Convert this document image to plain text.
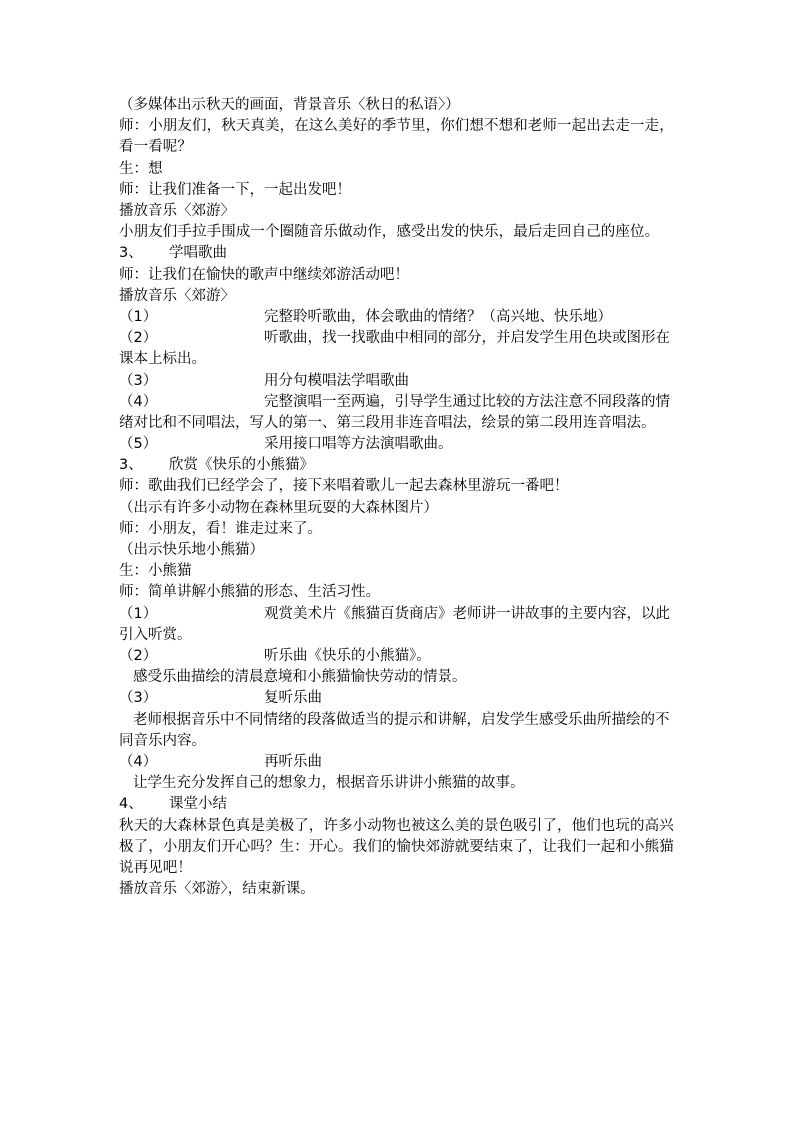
（多媒体出示秋天的画面，背景音乐〈秋日的私语〉）
师：小朋友们，秋天真美，在这么美好的季节里，你们想不想和老师一起出去走一走，看一看呢？
生：想
师：让我们准备一下，一起出发吧！
播放音乐〈郊游〉
小朋友们手拉手围成一个圈随音乐做动作，感受出发的快乐，最后走回自己的座位。
3、 学唱歌曲
师：让我们在愉快的歌声中继续郊游活动吧！
播放音乐〈郊游〉
（1）	完整聆听歌曲，体会歌曲的情绪？（高兴地、快乐地）
（2）	听歌曲，找一找歌曲中相同的部分，并启发学生用色块或图形在课本上标出。
（3）	用分句模唱法学唱歌曲
（4）	完整演唱一至两遍，引导学生通过比较的方法注意不同段落的情绪对比和不同唱法，写人的第一、第三段用非连音唱法，绘景的第二段用连音唱法。
（5）	采用接口唱等方法演唱歌曲。
3、 欣赏《快乐的小熊猫》
师：歌曲我们已经学会了，接下来唱着歌儿一起去森林里游玩一番吧！
（出示有许多小动物在森林里玩耍的大森林图片）
师：小朋友，看！谁走过来了。
（出示快乐地小熊猫）
生：小熊猫
师：简单讲解小熊猫的形态、生活习性。
（1）	观赏美术片《熊猫百货商店》老师讲一讲故事的主要内容，以此引入听赏。
（2）	听乐曲《快乐的小熊猫》。
感受乐曲描绘的清晨意境和小熊猫愉快劳动的情景。
（3）	复听乐曲
老师根据音乐中不同情绪的段落做适当的提示和讲解，启发学生感受乐曲所描绘的不同音乐内容。
（4）	再听乐曲
让学生充分发挥自己的想象力，根据音乐讲讲小熊猫的故事。
4、 课堂小结
秋天的大森林景色真是美极了，许多小动物也被这么美的景色吸引了，他们也玩的高兴极了，小朋友们开心吗？生：开心。我们的愉快郊游就要结束了，让我们一起和小熊猫说再见吧！
播放音乐〈郊游〉，结束新课。
